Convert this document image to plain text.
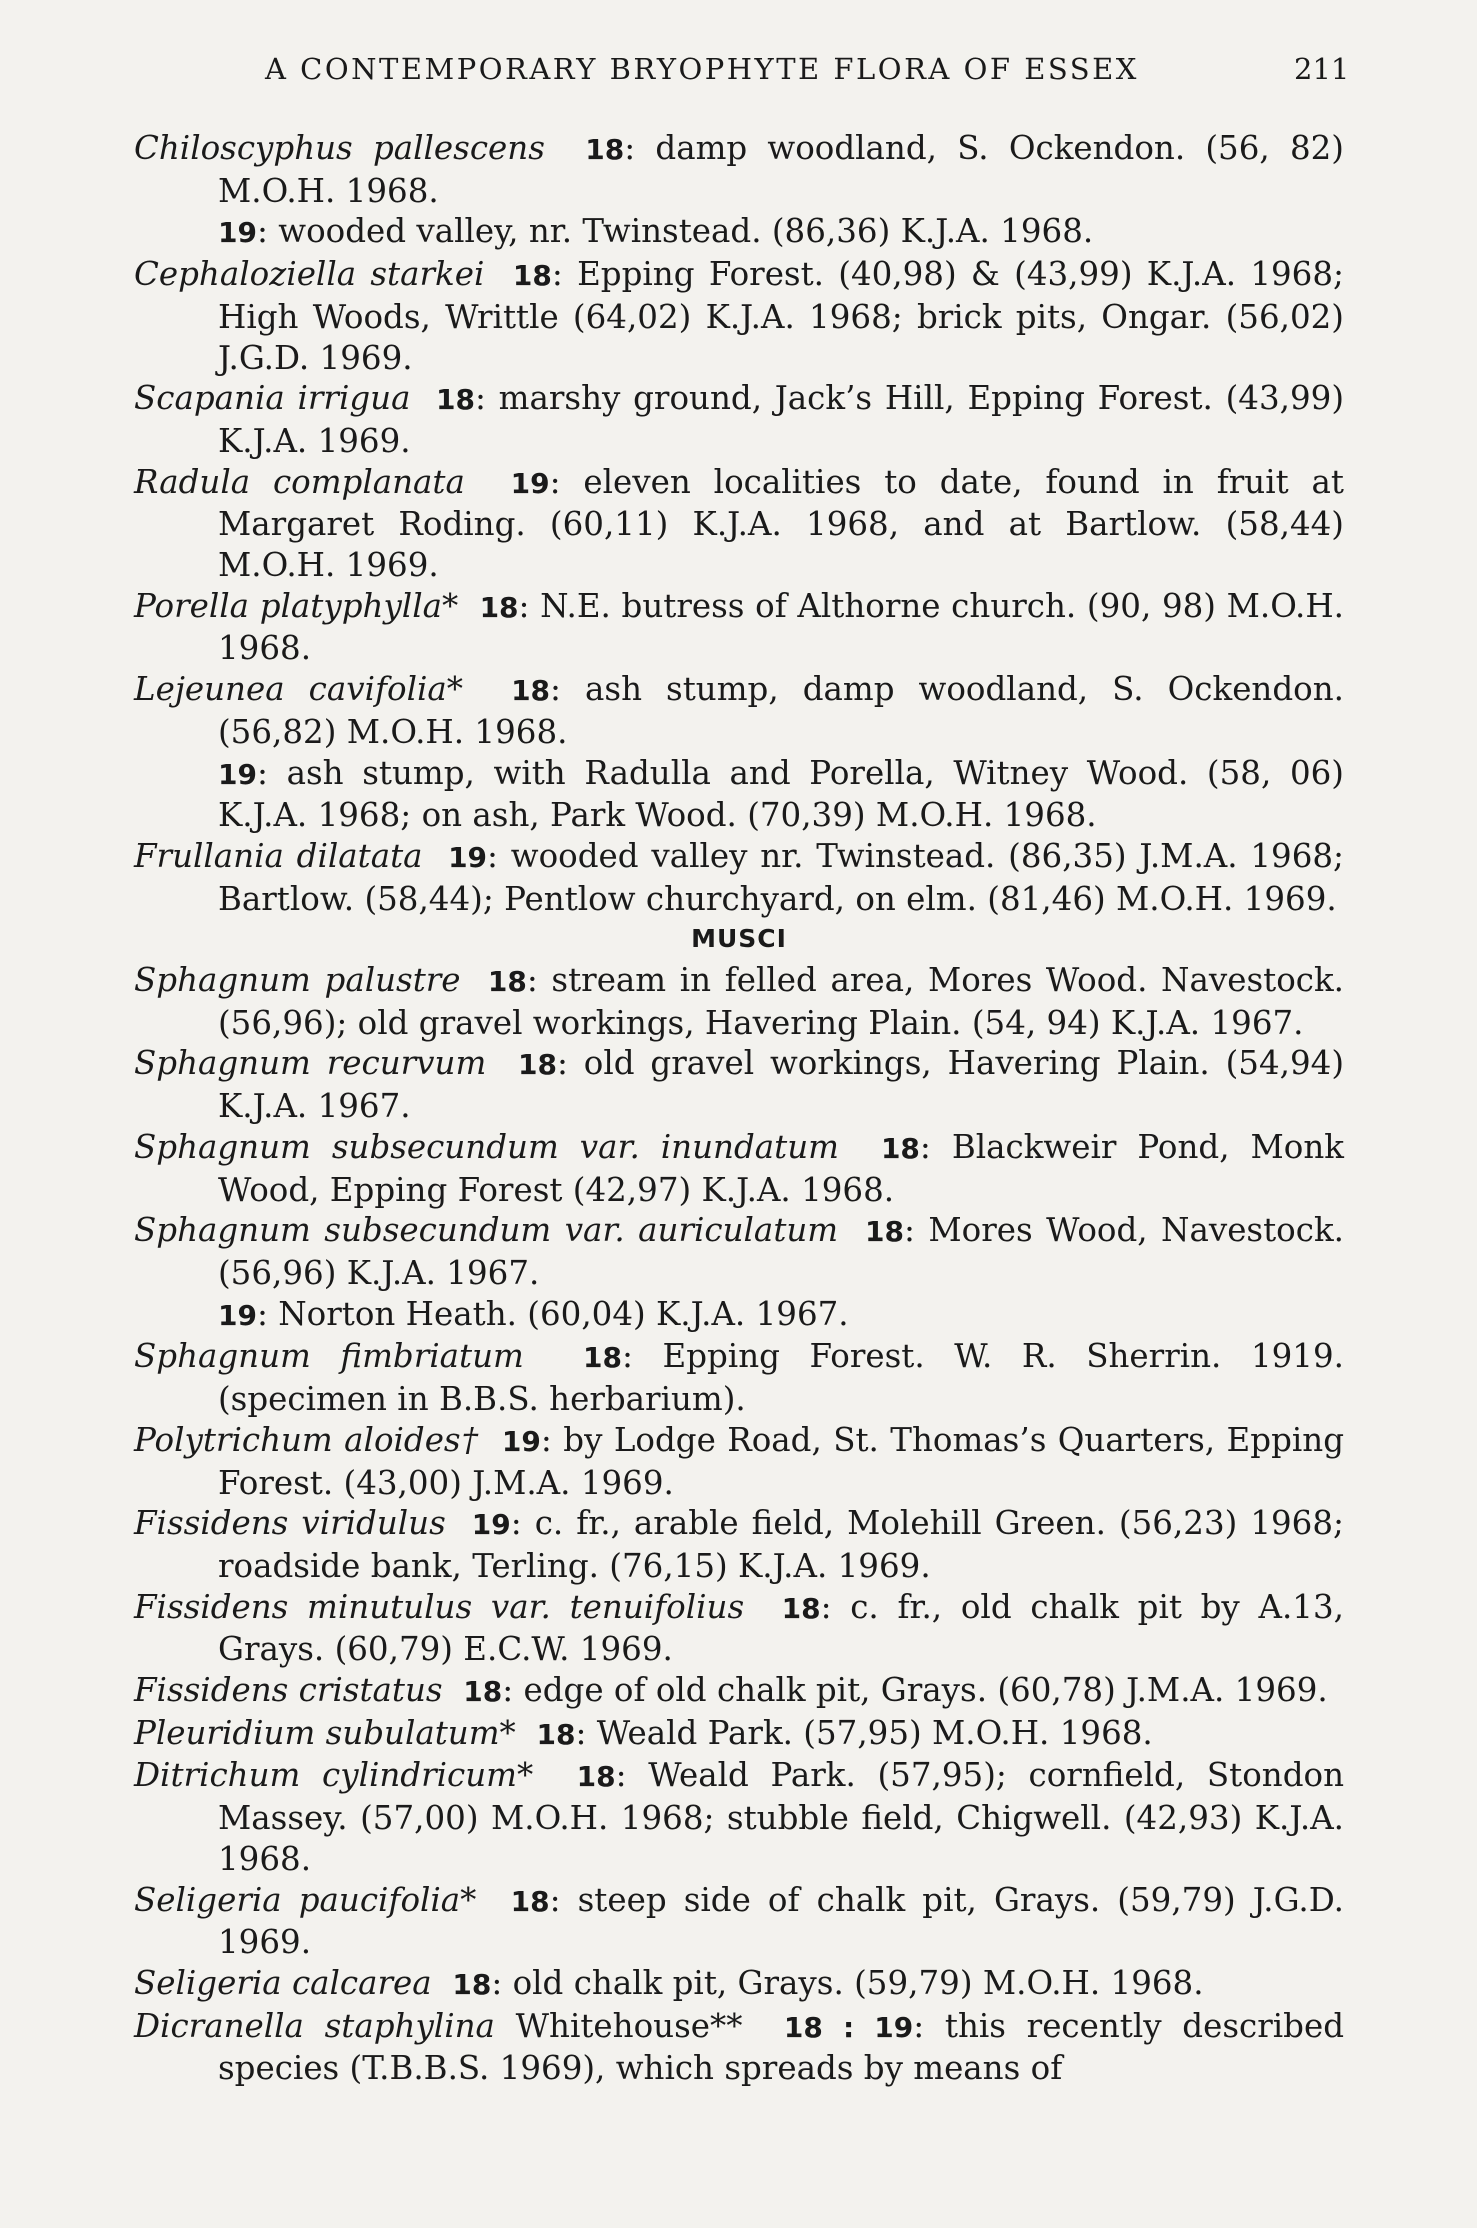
A CONTEMPORARY BRYOPHYTE FLORA OF ESSEX	211

Chiloscyphus pallescens 18: damp woodland, S. Ockendon. (56, 82) M.O.H. 1968.

19: wooded valley, nr. Twinstead. (86,36) K.J.A. 1968.

Cephaloziella starkei 18: Epping Forest. (40,98) & (43,99) K.J.A. 1968; High Woods, Writtle (64,02) K.J.A. 1968; brick pits, Ongar. (56,02) J.G.D. 1969.

Scapania irrigua 18: marshy ground, Jack’s Hill, Epping Forest. (43,99) K.J.A. 1969.

Radula complanata 19: eleven localities to date, found in fruit at Margaret Roding. (60,11) K.J.A. 1968, and at Bartlow. (58,44) M.O.H. 1969.

Porella platyphylla* 18: N.E. butress of Althorne church. (90, 98) M.O.H. 1968.

Lejeunea cavifolia* 18: ash stump, damp woodland, S. Ockendon. (56,82) M.O.H. 1968.

19: ash stump, with Radulla and Porella, Witney Wood. (58, 06) K.J.A. 1968; on ash, Park Wood. (70,39) M.O.H. 1968.

Frullania dilatata 19: wooded valley nr. Twinstead. (86,35) J.M.A. 1968; Bartlow. (58,44); Pentlow churchyard, on elm. (81,46) M.O.H. 1969.

MUSCI

Sphagnum palustre 18: stream in felled area, Mores Wood. Navestock. (56,96); old gravel workings, Havering Plain. (54, 94) K.J.A. 1967.

Sphagnum recurvum 18: old gravel workings, Havering Plain. (54,94) K.J.A. 1967.

Sphagnum subsecundum var. inundatum 18: Blackweir Pond, Monk Wood, Epping Forest (42,97) K.J.A. 1968.

Sphagnum subsecundum var. auriculatum 18: Mores Wood, Navestock. (56,96) K.J.A. 1967.

19: Norton Heath. (60,04) K.J.A. 1967.

Sphagnum fimbriatum 18: Epping Forest. W. R. Sherrin. 1919. (specimen in B.B.S. herbarium).

Polytrichum aloides† 19: by Lodge Road, St. Thomas’s Quarters, Epping Forest. (43,00) J.M.A. 1969.

Fissidens viridulus 19: c. fr., arable field, Molehill Green. (56,23) 1968; roadside bank, Terling. (76,15) K.J.A. 1969.

Fissidens minutulus var. tenuifolius 18: c. fr., old chalk pit by A.13, Grays. (60,79) E.C.W. 1969.

Fissidens cristatus 18: edge of old chalk pit, Grays. (60,78) J.M.A. 1969.

Pleuridium subulatum* 18: Weald Park. (57,95) M.O.H. 1968.

Ditrichum cylindricum* 18: Weald Park. (57,95); cornfield, Stondon Massey. (57,00) M.O.H. 1968; stubble field, Chigwell. (42,93) K.J.A. 1968.

Seligeria paucifolia* 18: steep side of chalk pit, Grays. (59,79) J.G.D. 1969.

Seligeria calcarea 18: old chalk pit, Grays. (59,79) M.O.H. 1968.

Dicranella staphylina Whitehouse** 18 : 19: this recently described species (T.B.B.S. 1969), which spreads by means of
